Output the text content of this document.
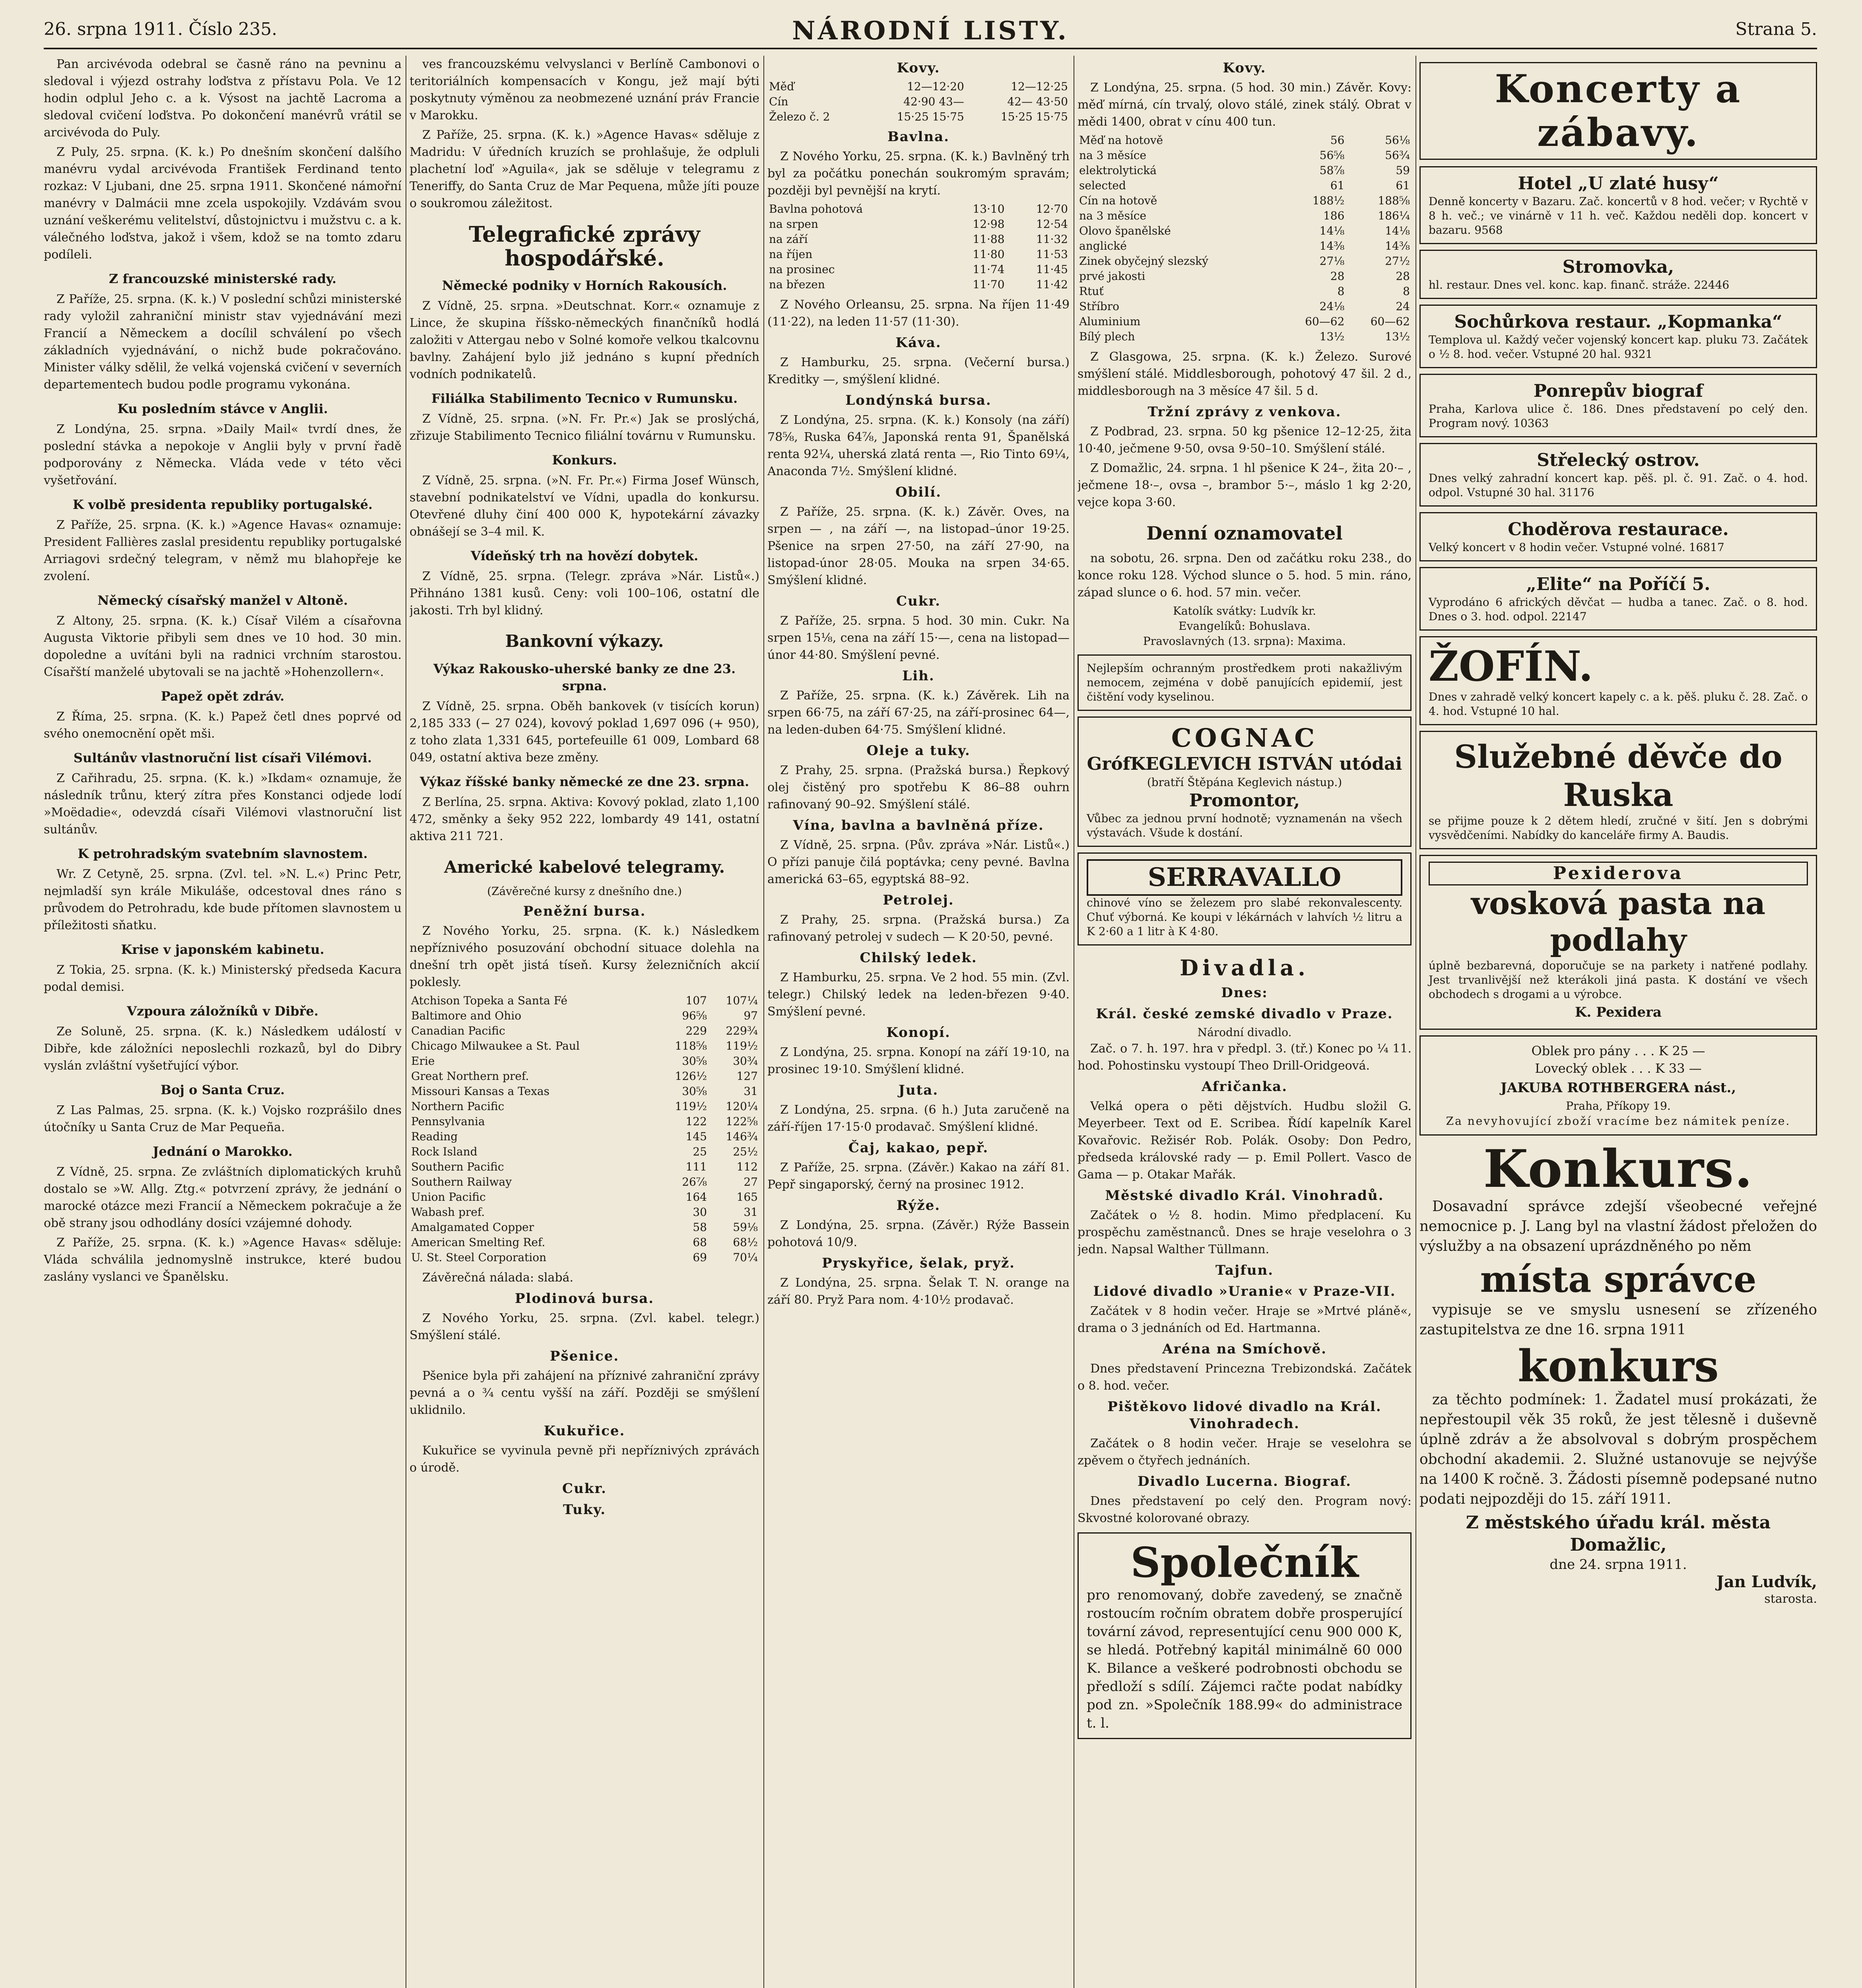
26. srpna 1911. Číslo 235.	NÁRODNÍ LISTY.	Strana 5.

Pan arcivévoda odebral se časně ráno na pevninu a sledoval i výjezd ostrahy loďstva z přístavu Pola. Ve 12 hodin odplul Jeho c. a k. Výsost na jachtě Lacroma a sledoval cvičení loďstva. Po dokončení manévrů vrátil se arcivévoda do Puly.

Z Puly, 25. srpna. (K. k.) Po dnešním skončení dalšího manévru vydal arcivévoda František Ferdinand tento rozkaz: V Ljubani, dne 25. srpna 1911. Skončené námořní manévry v Dalmácii mne zcela uspokojily. Vzdávám svou uznání veškerému velitelství, důstojnictvu i mužstvu c. a k. válečného loďstva, jakož i všem, kdož se na tomto zdaru podíleli.

Z francouzské ministerské rady.

Z Paříže, 25. srpna. (K. k.) V poslední schůzi ministerské rady vyložil zahraniční ministr stav vyjednávání mezi Francií a Německem a docílil schválení po všech základních vyjednávání, o nichž bude pokračováno. Minister války sdělil, že velká vojenská cvičení v severních departementech budou podle programu vykonána.

Ku posledním stávce v Anglii.

Z Londýna, 25. srpna. »Daily Mail« tvrdí dnes, že poslední stávka a nepokoje v Anglii byly v první řadě podporovány z Německa. Vláda vede v této věci vyšetřování.

K volbě presidenta republiky portugalské.

Z Paříže, 25. srpna. (K. k.) »Agence Havas« oznamuje: President Fallières zaslal presidentu republiky portugalské Arriagovi srdečný telegram, v němž mu blahopřeje ke zvolení.

Německý císařský manžel v Altoně.

Z Altony, 25. srpna. (K. k.) Císař Vilém a císařovna Augusta Viktorie přibyli sem dnes ve 10 hod. 30 min. dopoledne a uvítáni byli na radnici vrchním starostou. Císařští manželé ubytovali se na jachtě »Hohenzollern«.

Papež opět zdráv.

Z Říma, 25. srpna. (K. k.) Papež četl dnes poprvé od svého onemocnění opět mši.

Sultánův vlastnoruční list císaři Vilémovi.

Z Cařihradu, 25. srpna. (K. k.) »Ikdam« oznamuje, že následník trůnu, který zítra přes Konstanci odjede lodí »Moëdadie«, odevzdá císaři Vilémovi vlastnoruční list sultánův.

K petrohradským svatebním slavnostem.

Wr. Z Cetyně, 25. srpna. (Zvl. tel. »N. L.«) Princ Petr, nejmladší syn krále Mikuláše, odcestoval dnes ráno s průvodem do Petrohradu, kde bude přítomen slavnostem u příležitosti sňatku.

Krise v japonském kabinetu.

Z Tokia, 25. srpna. (K. k.) Ministerský předseda Kacura podal demisi.

Vzpoura záložníků v Dibře.

Ze Soluně, 25. srpna. (K. k.) Následkem událostí v Dibře, kde záložníci neposlechli rozkazů, byl do Dibry vyslán zvláštní vyšetřující výbor.

Boj o Santa Cruz.

Z Las Palmas, 25. srpna. (K. k.) Vojsko rozprášilo dnes útočníky u Santa Cruz de Mar Pequeña.

Jednání o Marokko.

Z Vídně, 25. srpna. Ze zvláštních diplomatických kruhů dostalo se »W. Allg. Ztg.« potvrzení zprávy, že jednání o marocké otázce mezi Francií a Německem pokračuje a že obě strany jsou odhodlány dosíci vzájemné dohody.

Z Paříže, 25. srpna. (K. k.) »Agence Havas« sděluje: Vláda schválila jednomyslně instrukce, které budou zaslány vyslanci ve Španělsku.

ves francouzskému velvyslanci v Berlíně Cambonovi o teritoriálních kompensacích v Kongu, jež mají býti poskytnuty výměnou za neobmezené uznání práv Francie v Marokku.

Z Paříže, 25. srpna. (K. k.) »Agence Havas« sděluje z Madridu: V úředních kruzích se prohlašuje, že odpluli plachetní loď »Aguila«, jak se sděluje v telegramu z Teneriffy, do Santa Cruz de Mar Pequena, může jíti pouze o soukromou záležitost.

Telegrafické zprávy hospodářské.
Německé podniky v Horních Rakousích.

Z Vídně, 25. srpna. »Deutschnat. Korr.« oznamuje z Lince, že skupina říšsko-německých finančníků hodlá založiti v Attergau nebo v Solné komoře velkou tkalcovnu bavlny. Zahájení bylo již jednáno s kupní předních vodních podnikatelů.

Filiálka Stabilimento Tecnico v Rumunsku.

Z Vídně, 25. srpna. (»N. Fr. Pr.«) Jak se proslýchá, zřizuje Stabilimento Tecnico filiální továrnu v Rumunsku.

Konkurs.

Z Vídně, 25. srpna. (»N. Fr. Pr.«) Firma Josef Wünsch, stavební podnikatelství ve Vídni, upadla do konkursu. Otevřené dluhy činí 400 000 K, hypotekární závazky obnášejí se 3–4 mil. K.

Vídeňský trh na hovězí dobytek.

Z Vídně, 25. srpna. (Telegr. zpráva »Nár. Listů«.) Přihnáno 1381 kusů. Ceny: voli 100–106, ostatní dle jakosti. Trh byl klidný.

Bankovní výkazy.
Výkaz Rakousko-uherské banky ze dne 23. srpna.

Z Vídně, 25. srpna. Oběh bankovek (v tisících korun) 2,185 333 (− 27 024), kovový poklad 1,697 096 (+ 950), z toho zlata 1,331 645, portefeuille 61 009, Lombard 68 049, ostatní aktiva beze změny.

Výkaz říšské banky německé ze dne 23. srpna.

Z Berlína, 25. srpna. Aktiva: Kovový poklad, zlato 1,100 472, směnky a šeky 952 222, lombardy 49 141, ostatní aktiva 211 721.

Americké kabelové telegramy.
(Závěrečné kursy z dnešního dne.)
Peněžní bursa.

Z Nového Yorku, 25. srpna. (K. k.) Následkem nepříznivého posuzování obchodní situace dolehla na dnešní trh opět jistá tíseň. Kursy železničních akcií poklesly.

Atchison Topeka a Santa Fé	107	107¼
Baltimore and Ohio	96⅝	97
Canadian Pacific	229	229¾
Chicago Milwaukee a St. Paul	118⅝	119½
Erie	30⅝	30¾
Great Northern pref.	126½	127
Missouri Kansas a Texas	30⅝	31
Northern Pacific	119½	120¼
Pennsylvania	122	122⅝
Reading	145	146¾
Rock Island	25	25½
Southern Pacific	111	112
Southern Railway	26⅞	27
Union Pacific	164	165
Wabash pref.	30	31
Amalgamated Copper	58	59⅛
American Smelting Ref.	68	68½
U. St. Steel Corporation	69	70¼

Závěrečná nálada: slabá.

Plodinová bursa.

Z Nového Yorku, 25. srpna. (Zvl. kabel. telegr.) Smýšlení stálé.

Pšenice.

Pšenice byla při zahájení na příznivé zahraniční zprávy pevná a o ¾ centu vyšší na září. Později se smýšlení uklidnilo.

Kukuřice.

Kukuřice se vyvinula pevně při nepříznivých zprávách o úrodě.

Cukr.
Tuky.
Kovy.
Měď	12—12·20	12—12·25
Cín	42·90 43—	42— 43·50
Železo č. 2	15·25 15·75	15·25 15·75
Bavlna.

Z Nového Yorku, 25. srpna. (K. k.) Bavlněný trh byl za počátku ponechán soukromým spravám; později byl pevnější na krytí.

Bavlna pohotová	13·10	12·70
na srpen	12·98	12·54
na září	11·88	11·32
na říjen	11·80	11·53
na prosinec	11·74	11·45
na březen	11·70	11·42

Z Nového Orleansu, 25. srpna. Na říjen 11·49 (11·22), na leden 11·57 (11·30).

Káva.

Z Hamburku, 25. srpna. (Večerní bursa.) Kreditky —, smýšlení klidné.

Londýnská bursa.

Z Londýna, 25. srpna. (K. k.) Konsoly (na září) 78⅝, Ruska 64⅞, Japonská renta 91, Španělská renta 92¼, uherská zlatá renta —, Rio Tinto 69¼, Anaconda 7½. Smýšlení klidné.

Obilí.

Z Paříže, 25. srpna. (K. k.) Závěr. Oves, na srpen — , na září —, na listopad–únor 19·25. Pšenice na srpen 27·50, na září 27·90, na listopad-únor 28·05. Mouka na srpen 34·65. Smýšlení klidné.

Cukr.

Z Paříže, 25. srpna. 5 hod. 30 min. Cukr. Na srpen 15⅛, cena na září 15·—, cena na listopad—únor 44·80. Smýšlení pevné.

Lih.

Z Paříže, 25. srpna. (K. k.) Závěrek. Lih na srpen 66·75, na září 67·25, na září-prosinec 64—, na leden-duben 64·75. Smýšlení klidné.

Oleje a tuky.

Z Prahy, 25. srpna. (Pražská bursa.) Řepkový olej čistěný pro spotřebu K 86–88 ouhrn rafinovaný 90–92. Smýšlení stálé.

Vína, bavlna a bavlněná příze.

Z Vídně, 25. srpna. (Pův. zpráva »Nár. Listů«.) O přízi panuje čilá poptávka; ceny pevné. Bavlna americká 63–65, egyptská 88–92.

Petrolej.

Z Prahy, 25. srpna. (Pražská bursa.) Za rafinovaný petrolej v sudech — K 20·50, pevné.

Chilský ledek.

Z Hamburku, 25. srpna. Ve 2 hod. 55 min. (Zvl. telegr.) Chilský ledek na leden-březen 9·40. Smýšlení pevné.

Konopí.

Z Londýna, 25. srpna. Konopí na září 19·10, na prosinec 19·10. Smýšlení klidné.

Juta.

Z Londýna, 25. srpna. (6 h.) Juta zaručeně na září-říjen 17·15·0 prodavač. Smýšlení klidné.

Čaj, kakao, pepř.

Z Paříže, 25. srpna. (Závěr.) Kakao na září 81. Pepř singaporský, černý na prosinec 1912.

Rýže.

Z Londýna, 25. srpna. (Závěr.) Rýže Bassein pohotová 10/9.

Pryskyřice, šelak, pryž.

Z Londýna, 25. srpna. Šelak T. N. orange na září 80. Pryž Para nom. 4·10½ prodavač.

Kovy.

Z Londýna, 25. srpna. (5 hod. 30 min.) Závěr. Kovy: měď mírná, cín trvalý, olovo stálé, zinek stálý. Obrat v mědi 1400, obrat v cínu 400 tun.

Měď na hotově	56	56⅛
na 3 měsíce	56⅝	56¾
elektrolytická	58⅞	59
selected	61	61
Cín na hotově	188½	188⅝
na 3 měsíce	186	186¼
Olovo španělské	14⅛	14⅛
anglické	14⅜	14⅜
Zinek obyčejný slezský	27⅛	27½
prvé jakosti	28	28
Rtuť	8	8
Stříbro	24⅛	24
Aluminium	60—62	60—62
Bílý plech	13½	13½

Z Glasgowa, 25. srpna. (K. k.) Železo. Surové smýšlení stálé. Middlesborough, pohotový 47 šil. 2 d., middlesborough na 3 měsíce 47 šil. 5 d.

Tržní zprávy z venkova.

Z Podbrad, 23. srpna. 50 kg pšenice 12–12·25, žita 10·40, ječmene 9·50, ovsa 9·50–10. Smýšlení stálé.

Z Domažlic, 24. srpna. 1 hl pšenice K 24–, žita 20·– , ječmene 18·–, ovsa –, brambor 5·–, máslo 1 kg 2·20, vejce kopa 3·60.

Denní oznamovatel

na sobotu, 26. srpna. Den od začátku roku 238., do konce roku 128. Východ slunce o 5. hod. 5 min. ráno, západ slunce o 6. hod. 57 min. večer.

Katolík svátky: Ludvík kr.
Evangelíků: Bohuslava.
Pravoslavných (13. srpna): Maxima.
Nejlepším ochranným prostředkem proti nakažlivým nemocem, zejména v době panujících epidemií, jest čištění vody kyselinou.
COGNAC
GrófKEGLEVICH ISTVÁN utódai
(bratří Štěpána Keglevich nástup.)
Promontor,
Vůbec za jednou první hodnotě; vyznamenán na všech výstavách. Všude k dostání.
SERRAVALLO
chinové víno se železem pro slabé rekonvalescenty. Chuť výborná. Ke koupi v lékárnách v lahvích ½ litru a K 2·60 a 1 litr à K 4·80.
Divadla.
Dnes:
Král. české zemské divadlo v Praze.
Národní divadlo.

Zač. o 7. h. 197. hra v předpl. 3. (tř.) Konec po ¼ 11. hod. Pohostinsku vystoupí Theo Drill-Oridgeová.

Afričanka.

Velká opera o pěti dějstvích. Hudbu složil G. Meyerbeer. Text od E. Scribea. Řídí kapelník Karel Kovařovic. Režisér Rob. Polák. Osoby: Don Pedro, předseda královské rady — p. Emil Pollert. Vasco de Gama — p. Otakar Mařák.

Městské divadlo Král. Vinohradů.

Začátek o ½ 8. hodin. Mimo předplacení. Ku prospěchu zaměstnanců. Dnes se hraje veselohra o 3 jedn. Napsal Walther Tüllmann.

Tajfun.
Lidové divadlo »Uranie« v Praze-VII.

Začátek v 8 hodin večer. Hraje se »Mrtvé pláně«, drama o 3 jednáních od Ed. Hartmanna.

Aréna na Smíchově.

Dnes představení Princezna Trebizondská. Začátek o 8. hod. večer.

Pištěkovo lidové divadlo na Král. Vinohradech.

Začátek o 8 hodin večer. Hraje se veselohra se zpěvem o čtyřech jednáních.

Divadlo Lucerna. Biograf.

Dnes představení po celý den. Program nový: Skvostné kolorované obrazy.

Společník
pro renomovaný, dobře zavedený, se značně rostoucím ročním obratem dobře prosperující tovární závod, representující cenu 900 000 K, se hledá. Potřebný kapitál minimálně 60 000 K. Bilance a veškeré podrobnosti obchodu se předloží s sdílí. Zájemci račte podat nabídky pod zn. »Společník 188.99« do administrace t. l.
Koncerty a zábavy.
Hotel „U zlaté husy“
Denně koncerty v Bazaru. Zač. koncertů v 8 hod. večer; v Rychtě v 8 h. več.; ve vinárně v 11 h. več. Každou neděli dop. koncert v bazaru. 9568
Stromovka,
hl. restaur. Dnes vel. konc. kap. finanč. stráže. 22446
Sochůrkova restaur. „Kopmanka“
Templova ul. Každý večer vojenský koncert kap. pluku 73. Začátek o ½ 8. hod. večer. Vstupné 20 hal. 9321
Ponrepův biograf
Praha, Karlova ulice č. 186. Dnes představení po celý den. Program nový. 10363
Střelecký ostrov.
Dnes velký zahradní koncert kap. pěš. pl. č. 91. Zač. o 4. hod. odpol. Vstupné 30 hal. 31176
Choděrova restaurace.
Velký koncert v 8 hodin večer. Vstupné volné. 16817
„Elite“ na Poříčí 5.
Vyprodáno 6 afrických děvčat — hudba a tanec. Zač. o 8. hod. Dnes o 3. hod. odpol. 22147
ŽOFÍN.
Dnes v zahradě velký koncert kapely c. a k. pěš. pluku č. 28. Zač. o 4. hod. Vstupné 10 hal.
Služebné děvče do Ruska
se přijme pouze k 2 dětem hledí, zručné v šití. Jen s dobrými vysvědčeními. Nabídky do kanceláře firmy A. Baudis.
Pexiderova
vosková pasta na podlahy
úplně bezbarevná, doporučuje se na parkety i natřené podlahy. Jest trvanlivější než kterákoli jiná pasta. K dostání ve všech obchodech s drogami a u výrobce.
K. Pexidera
Oblek pro pány . . . K 25 —
Lovecký oblek . . . K 33 —
JAKUBA ROTHBERGERA nást.,
Praha, Příkopy 19.
Za nevyhovující zboží vracíme bez námitek peníze.
Konkurs.

Dosavadní správce zdejší všeobecné veřejné nemocnice p. J. Lang byl na vlastní žádost přeložen do výslužby a na obsazení uprázdněného po něm

místa správce

vypisuje se ve smyslu usnesení se zřízeného zastupitelstva ze dne 16. srpna 1911

konkurs

za těchto podmínek: 1. Žadatel musí prokázati, že nepřestoupil věk 35 roků, že jest tělesně i duševně úplně zdráv a že absolvoval s dobrým prospěchem obchodní akademii. 2. Služné ustanovuje se nejvýše na 1400 K ročně. 3. Žádosti písemně podepsané nutno podati nejpozději do 15. září 1911.

Z městského úřadu král. města Domažlic,
dne 24. srpna 1911.
Jan Ludvík,
starosta.
